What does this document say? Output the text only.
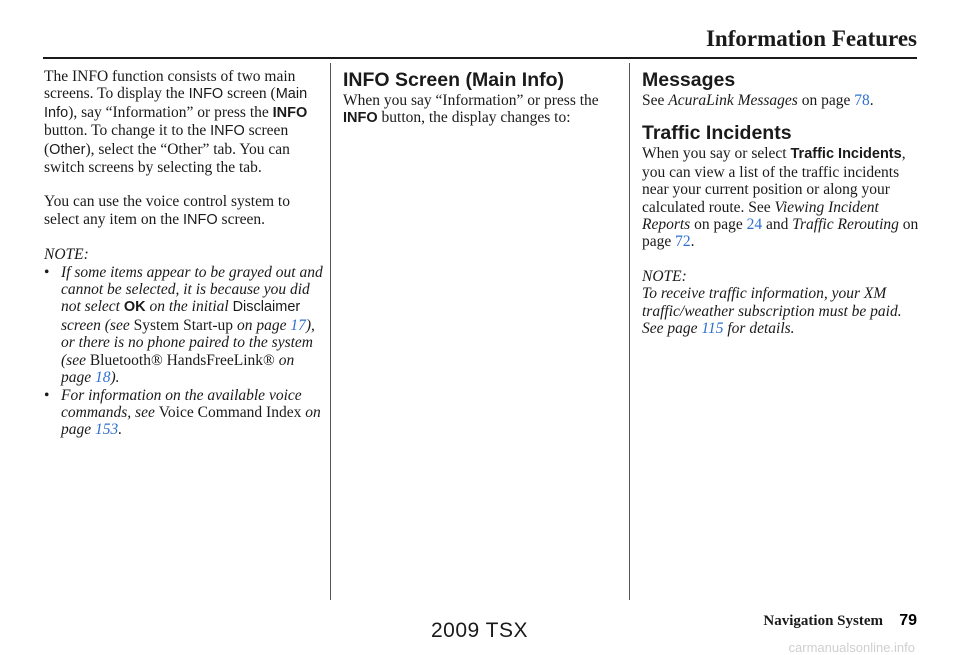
Information Features

The INFO function consists of two main screens. To display the INFO screen (Main Info), say “Information” or press the INFO button. To change it to the INFO screen (Other), select the “Other” tab. You can switch screens by selecting the tab.

You can use the voice control system to select any item on the INFO screen.

NOTE:

• If some items appear to be grayed out and cannot be selected, it is because you did not select OK on the initial Disclaimer screen (see System Start-up on page 17), or there is no phone paired to the system (see Bluetooth® HandsFreeLink® on page 18).
• For information on the available voice commands, see Voice Command Index on page 153.
INFO Screen (Main Info)

When you say “Information” or press the INFO button, the display changes to:

Messages

See AcuraLink Messages on page 78.

Traffic Incidents

When you say or select Traffic Incidents, you can view a list of the traffic incidents near your current position or along your calculated route. See Viewing Incident Reports on page 24 and Traffic Rerouting on page 72.

NOTE:

To receive traffic information, your XM traffic/weather subscription must be paid. See page 115 for details.

Navigation System 79
2009 TSX
carmanualsonline.info
